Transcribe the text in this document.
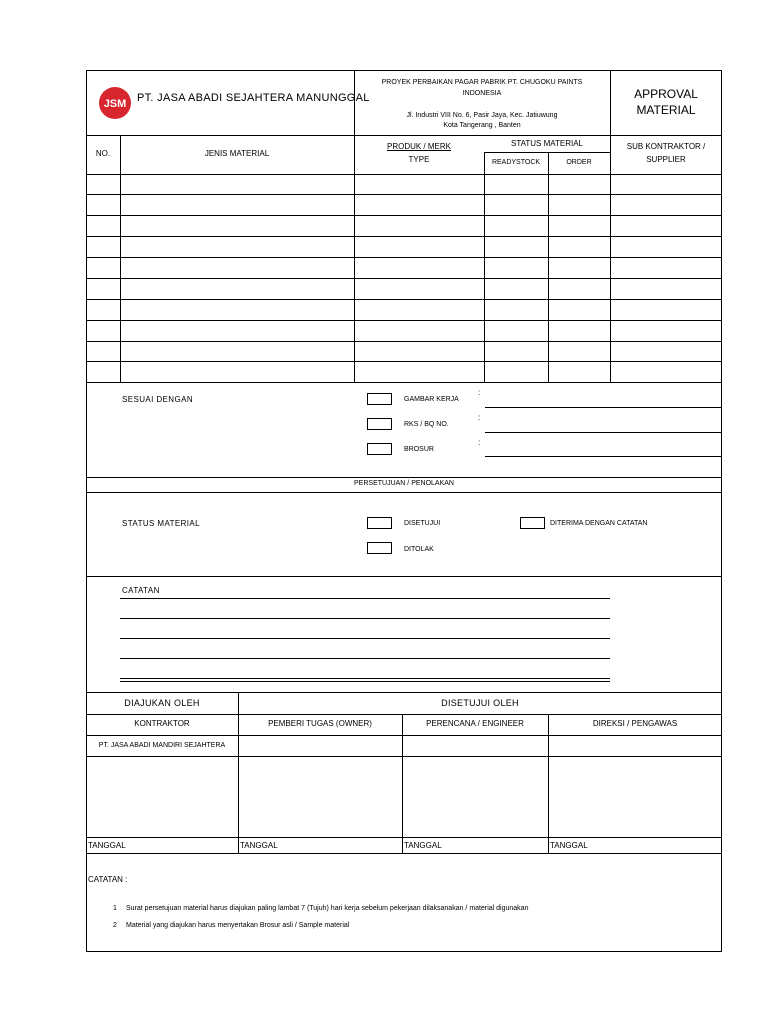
JSM PT. JASA ABADI SEJAHTERA MANUNGGAL
PROYEK PERBAIKAN PAGAR PABRIK PT. CHUGOKU PAINTS
INDONESIA
Jl. Industri VIII No. 6, Pasir Jaya, Kec. Jatiuwung
Kota Tangerang , Banten
APPROVAL
MATERIAL
NO.	JENIS MATERIAL
PRODUK / MERK
TYPE
STATUS MATERIAL
READYSTOCK	ORDER
SUB KONTRAKTOR /
SUPPLIER
SESUAI DENGAN	GAMBAR KERJA
:
RKS / BQ NO.
:
BROSUR
:
PERSETUJUAN / PENOLAKAN
STATUS MATERIAL	DISETUJUI	DITERIMA DENGAN CATATAN
DITOLAK
CATATAN
DIAJUKAN OLEH	DISETUJUI OLEH
KONTRAKTOR	PEMBERI TUGAS (OWNER)	PERENCANA / ENGINEER	DIREKSI / PENGAWAS
PT. JASA ABADI MANDIRI SEJAHTERA
TANGGAL	TANGGAL	TANGGAL	TANGGAL
CATATAN :
1 Surat persetujuan material harus diajukan paling lambat 7 (Tujuh) hari kerja sebelum pekerjaan dilaksanakan / material digunakan
2 Material yang diajukan harus menyertakan Brosur asli / Sample material
